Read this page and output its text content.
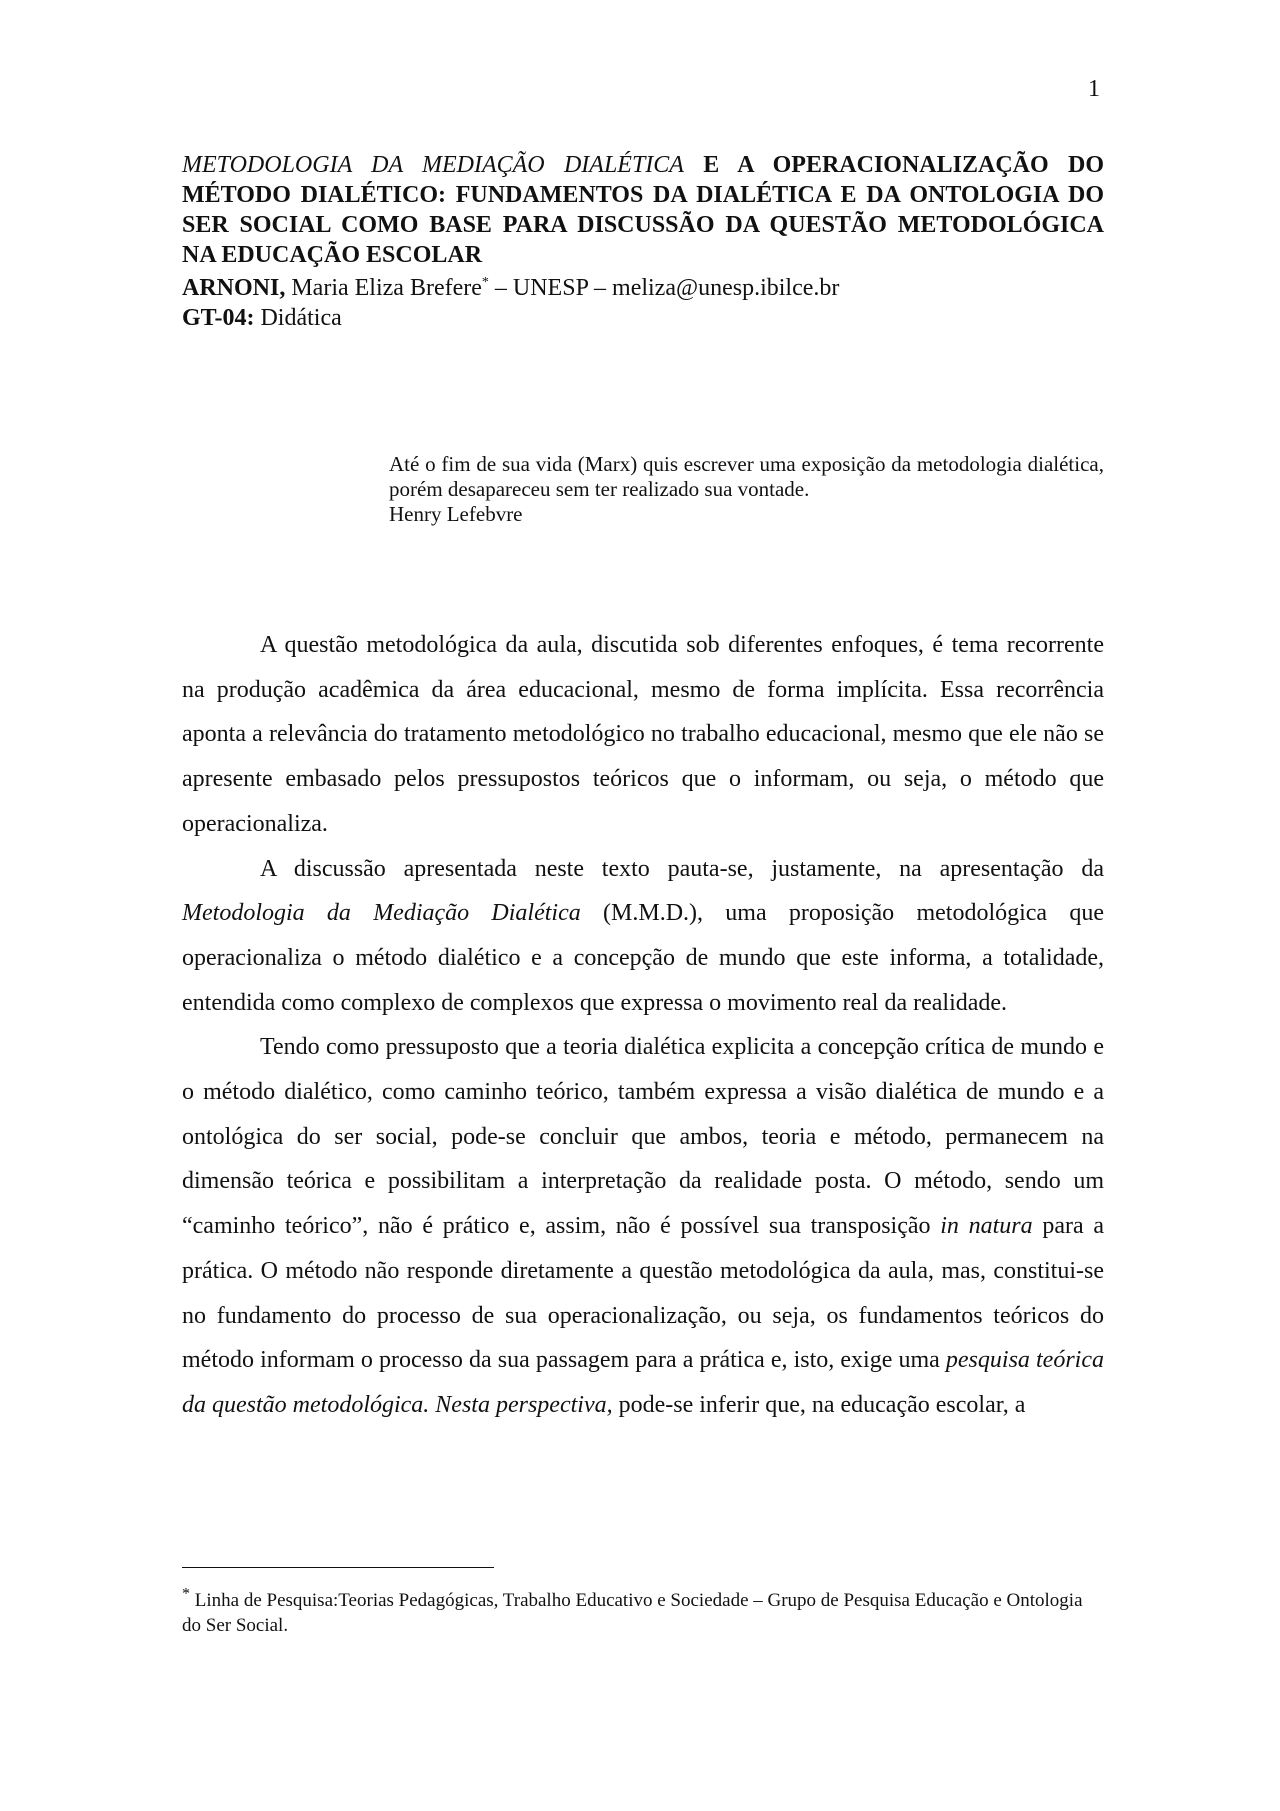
1
METODOLOGIA DA MEDIAÇÃO DIALÉTICA E A OPERACIONALIZAÇÃO DO MÉTODO DIALÉTICO: FUNDAMENTOS DA DIALÉTICA E DA ONTOLOGIA DO SER SOCIAL COMO BASE PARA DISCUSSÃO DA QUESTÃO METODOLÓGICA NA EDUCAÇÃO ESCOLAR
ARNONI, Maria Eliza Brefere* – UNESP – meliza@unesp.ibilce.br
GT-04: Didática
Até o fim de sua vida (Marx) quis escrever uma exposição da metodologia dialética, porém desapareceu sem ter realizado sua vontade.
Henry Lefebvre

A questão metodológica da aula, discutida sob diferentes enfoques, é tema recorrente na produção acadêmica da área educacional, mesmo de forma implícita. Essa recorrência aponta a relevância do tratamento metodológico no trabalho educacional, mesmo que ele não se apresente embasado pelos pressupostos teóricos que o informam, ou seja, o método que operacionaliza.

A discussão apresentada neste texto pauta-se, justamente, na apresentação da Metodologia da Mediação Dialética (M.M.D.), uma proposição metodológica que operacionaliza o método dialético e a concepção de mundo que este informa, a totalidade, entendida como complexo de complexos que expressa o movimento real da realidade.

Tendo como pressuposto que a teoria dialética explicita a concepção crítica de mundo e o método dialético, como caminho teórico, também expressa a visão dialética de mundo e a ontológica do ser social, pode-se concluir que ambos, teoria e método, permanecem na dimensão teórica e possibilitam a interpretação da realidade posta. O método, sendo um “caminho teórico”, não é prático e, assim, não é possível sua transposição in natura para a prática. O método não responde diretamente a questão metodológica da aula, mas, constitui-se no fundamento do processo de sua operacionalização, ou seja, os fundamentos teóricos do método informam o processo da sua passagem para a prática e, isto, exige uma pesquisa teórica da questão metodológica. Nesta perspectiva, pode-se inferir que, na educação escolar, a

* Linha de Pesquisa:Teorias Pedagógicas, Trabalho Educativo e Sociedade – Grupo de Pesquisa Educação e Ontologia do Ser Social.
